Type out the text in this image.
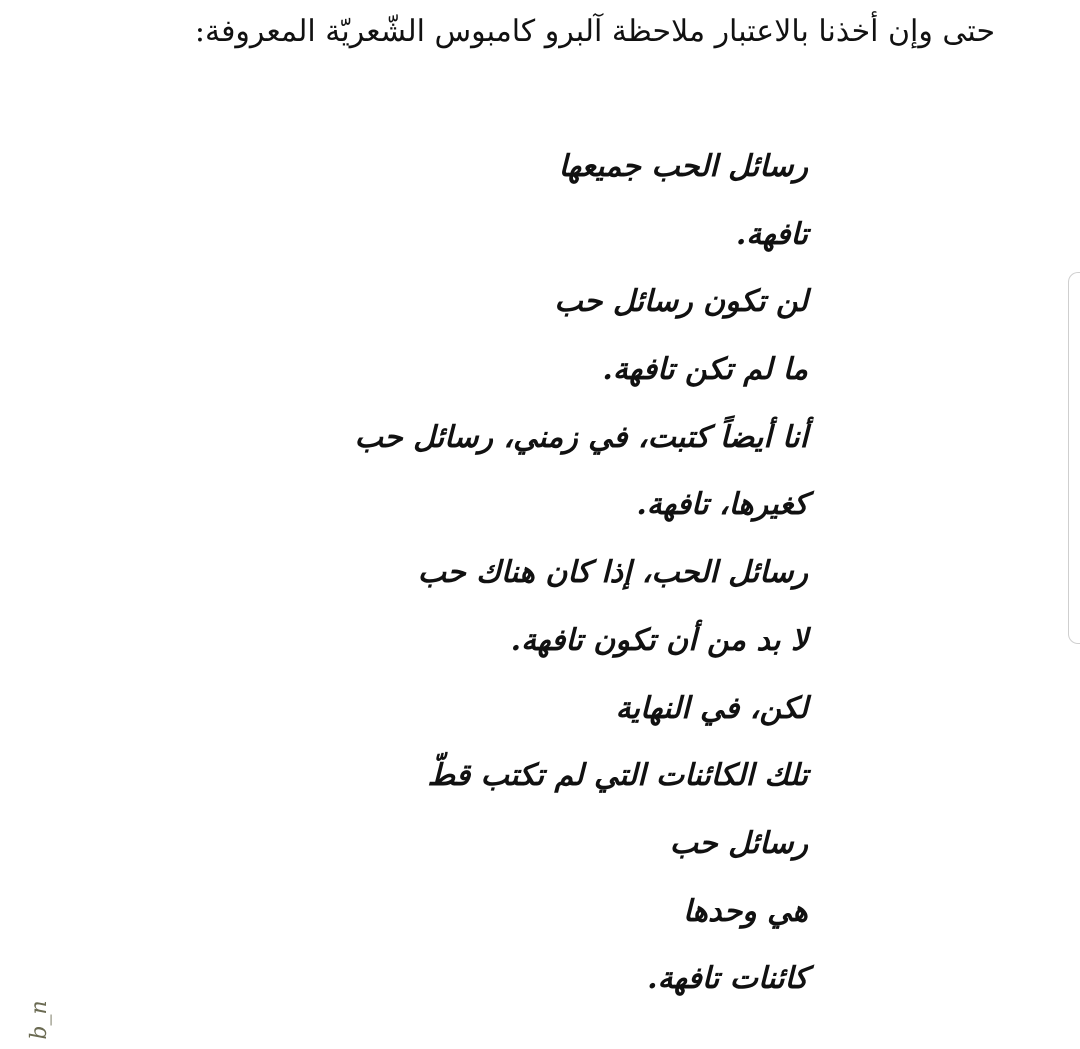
حتى وإن أخذنا بالاعتبار ملاحظة آلبرو كامبوس الشّعريّة المعروفة:
رسائل الحب جميعها
تافهة.
لن تكون رسائل حب
ما لم تكن تافهة.
أنا أيضاً كتبت، في زمني، رسائل حب
كغيرها، تافهة.
رسائل الحب، إذا كان هناك حب
لا بد من أن تكون تافهة.
لكن، في النهاية
تلك الكائنات التي لم تكتب قطّ
رسائل حب
هي وحدها
كائنات تافهة.
b_n
